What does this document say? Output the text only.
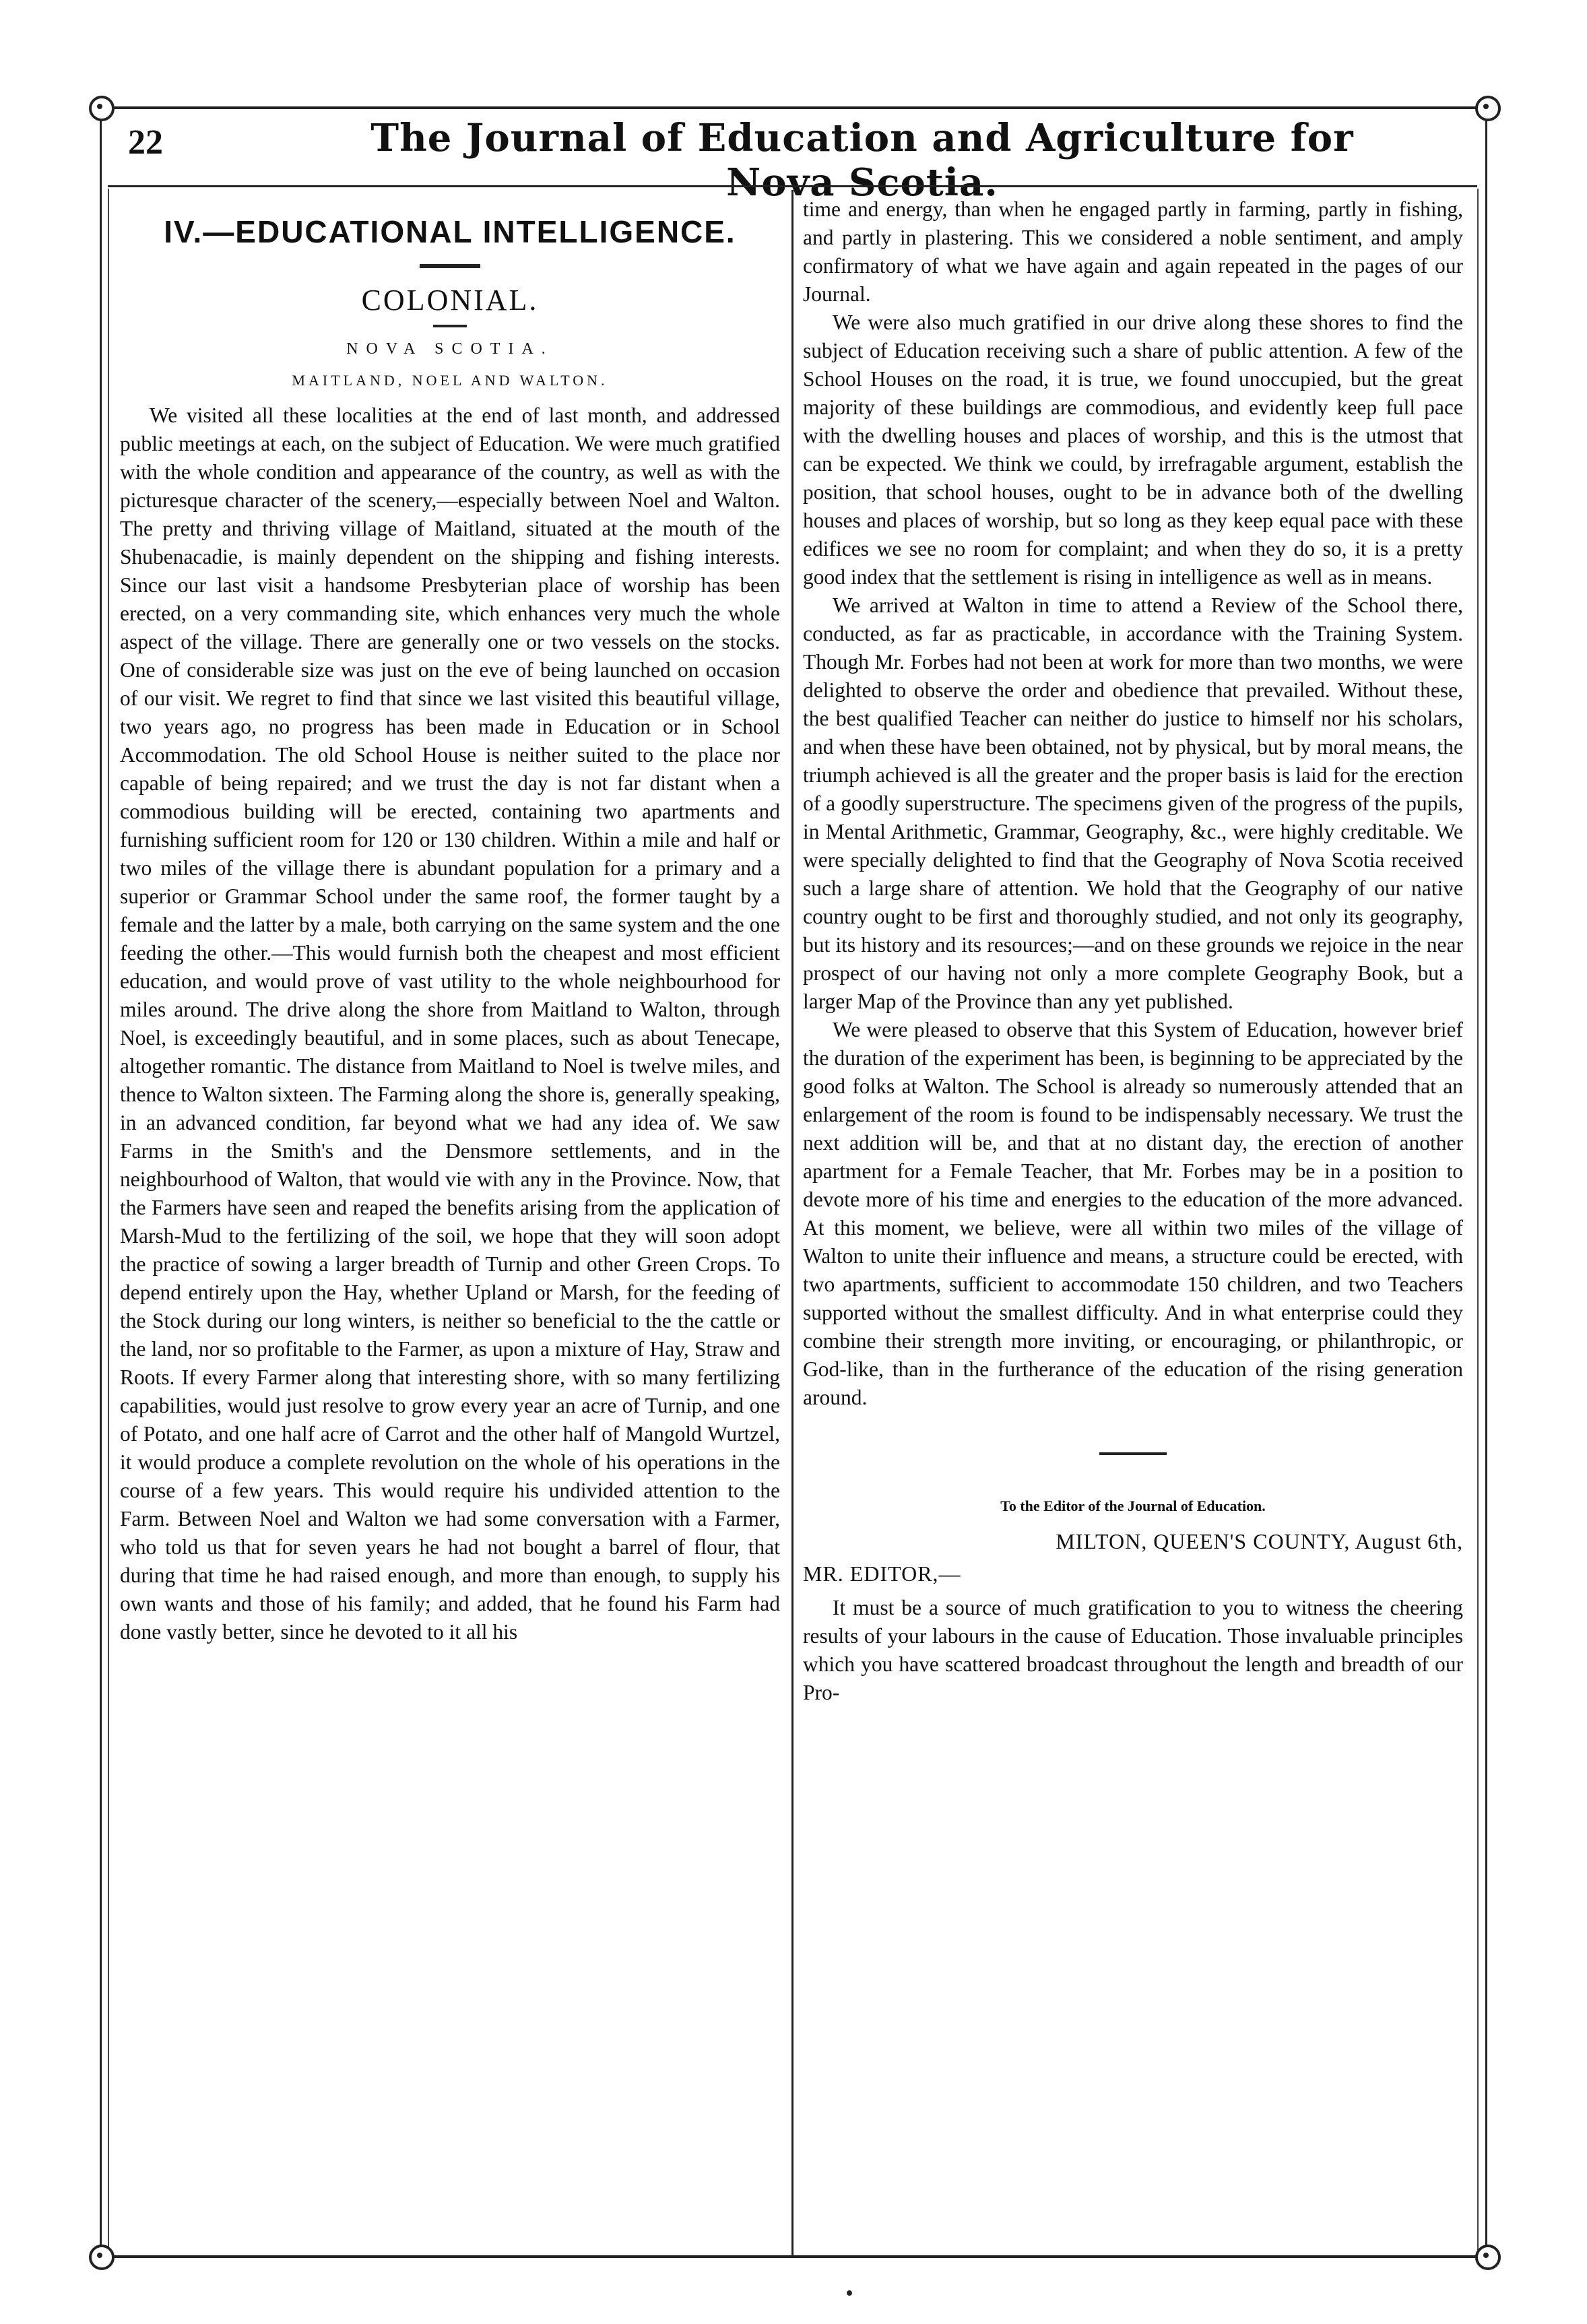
22	The Journal of Education and Agriculture for Nova Scotia.
IV.—EDUCATIONAL INTELLIGENCE.
COLONIAL.
NOVA SCOTIA.
MAITLAND, NOEL AND WALTON.

We visited all these localities at the end of last month, and addressed public meetings at each, on the subject of Education. We were much gratified with the whole condition and appearance of the country, as well as with the picturesque character of the scenery,—especially between Noel and Walton. The pretty and thriving village of Maitland, situated at the mouth of the Shubenacadie, is mainly dependent on the shipping and fishing interests. Since our last visit a handsome Presbyterian place of worship has been erected, on a very commanding site, which enhances very much the whole aspect of the village. There are generally one or two vessels on the stocks. One of considerable size was just on the eve of being launched on occasion of our visit. We regret to find that since we last visited this beautiful village, two years ago, no progress has been made in Education or in School Accommodation. The old School House is neither suited to the place nor capable of being repaired; and we trust the day is not far distant when a commodious building will be erected, containing two apartments and furnishing sufficient room for 120 or 130 children. Within a mile and half or two miles of the village there is abundant population for a primary and a superior or Grammar School under the same roof, the former taught by a female and the latter by a male, both carrying on the same system and the one feeding the other.—This would furnish both the cheapest and most efficient education, and would prove of vast utility to the whole neighbourhood for miles around. The drive along the shore from Maitland to Walton, through Noel, is exceedingly beautiful, and in some places, such as about Tenecape, altogether romantic. The distance from Maitland to Noel is twelve miles, and thence to Walton sixteen. The Farming along the shore is, generally speaking, in an advanced condition, far beyond what we had any idea of. We saw Farms in the Smith's and the Densmore settlements, and in the neighbourhood of Walton, that would vie with any in the Province. Now, that the Farmers have seen and reaped the benefits arising from the application of Marsh-Mud to the fertilizing of the soil, we hope that they will soon adopt the practice of sowing a larger breadth of Turnip and other Green Crops. To depend entirely upon the Hay, whether Upland or Marsh, for the feeding of the Stock during our long winters, is neither so beneficial to the the cattle or the land, nor so profitable to the Farmer, as upon a mixture of Hay, Straw and Roots. If every Farmer along that interesting shore, with so many fertilizing capabilities, would just resolve to grow every year an acre of Turnip, and one of Potato, and one half acre of Carrot and the other half of Mangold Wurtzel, it would produce a complete revolution on the whole of his operations in the course of a few years. This would require his undivided attention to the Farm. Between Noel and Walton we had some conversation with a Farmer, who told us that for seven years he had not bought a barrel of flour, that during that time he had raised enough, and more than enough, to supply his own wants and those of his family; and added, that he found his Farm had done vastly better, since he devoted to it all his

time and energy, than when he engaged partly in farming, partly in fishing, and partly in plastering. This we considered a noble sentiment, and amply confirmatory of what we have again and again repeated in the pages of our Journal.

We were also much gratified in our drive along these shores to find the subject of Education receiving such a share of public attention. A few of the School Houses on the road, it is true, we found unoccupied, but the great majority of these buildings are commodious, and evidently keep full pace with the dwelling houses and places of worship, and this is the utmost that can be expected. We think we could, by irrefragable argument, establish the position, that school houses, ought to be in advance both of the dwelling houses and places of worship, but so long as they keep equal pace with these edifices we see no room for complaint; and when they do so, it is a pretty good index that the settlement is rising in intelligence as well as in means.

We arrived at Walton in time to attend a Review of the School there, conducted, as far as practicable, in accordance with the Training System. Though Mr. Forbes had not been at work for more than two months, we were delighted to observe the order and obedience that prevailed. Without these, the best qualified Teacher can neither do justice to himself nor his scholars, and when these have been obtained, not by physical, but by moral means, the triumph achieved is all the greater and the proper basis is laid for the erection of a goodly superstructure. The specimens given of the progress of the pupils, in Mental Arithmetic, Grammar, Geography, &c., were highly creditable. We were specially delighted to find that the Geography of Nova Scotia received such a large share of attention. We hold that the Geography of our native country ought to be first and thoroughly studied, and not only its geography, but its history and its resources;—and on these grounds we rejoice in the near prospect of our having not only a more complete Geography Book, but a larger Map of the Province than any yet published.

We were pleased to observe that this System of Education, however brief the duration of the experiment has been, is beginning to be appreciated by the good folks at Walton. The School is already so numerously attended that an enlargement of the room is found to be indispensably necessary. We trust the next addition will be, and that at no distant day, the erection of another apartment for a Female Teacher, that Mr. Forbes may be in a position to devote more of his time and energies to the education of the more advanced. At this moment, we believe, were all within two miles of the village of Walton to unite their influence and means, a structure could be erected, with two apartments, sufficient to accommodate 150 children, and two Teachers supported without the smallest difficulty. And in what enterprise could they combine their strength more inviting, or encouraging, or philanthropic, or God-like, than in the furtherance of the education of the rising generation around.

To the Editor of the Journal of Education.
MILTON, QUEEN'S COUNTY, August 6th,
MR. EDITOR,—

It must be a source of much gratification to you to witness the cheering results of your labours in the cause of Education. Those invaluable principles which you have scattered broadcast throughout the length and breadth of our Pro-
